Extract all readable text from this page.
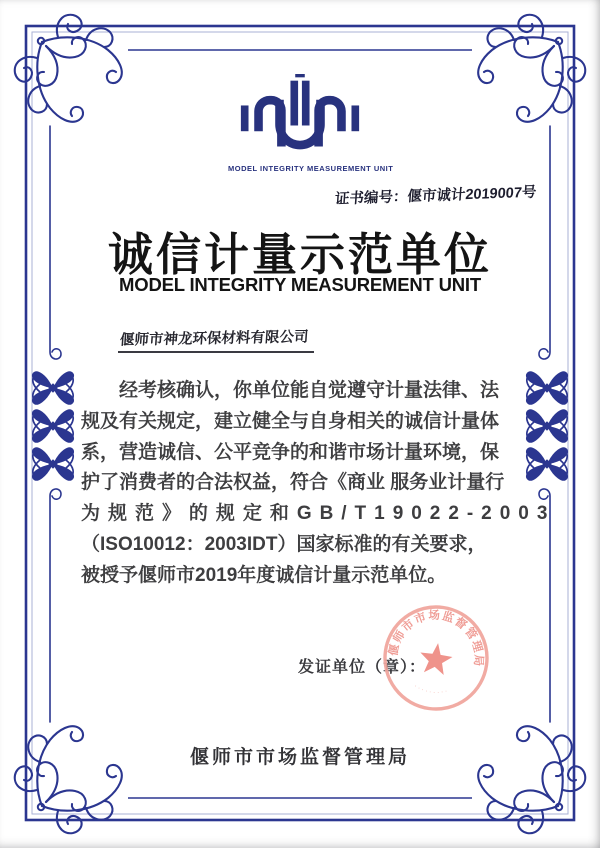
MODEL INTEGRITY MEASUREMENT UNIT
证书编号：偃市诚计2019007号
诚信计量示范单位
MODEL INTEGRITY MEASUREMENT UNIT
偃师市神龙环保材料有限公司
经考核确认，你单位能自觉遵守计量法律、法
规及有关规定，建立健全与自身相关的诚信计量体
系，营造诚信、公平竞争的和谐市场计量环境，保
护了消费者的合法权益，符合《商业 服务业计量行
为规范》的规定和GB/T19022-2003
（ISO10012：2003IDT）国家标准的有关要求，
被授予偃师市2019年度诚信计量示范单位。
发证单位（章）：
偃师市市场监督管理局
·········
偃师市市场监督管理局
